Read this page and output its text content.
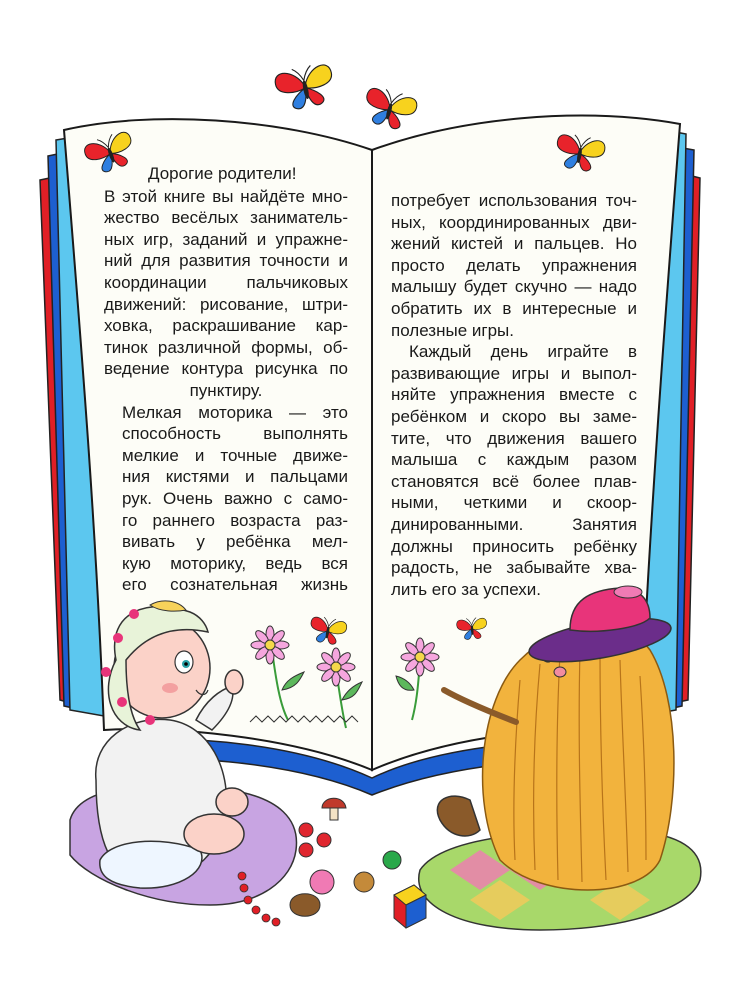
Дорогие родители!

В этой книге вы найдёте мно-
жество весёлых заниматель-
ных игр, заданий и упражне-
ний для развития точности и
координации пальчиковых
движений: рисование, штри-
ховка, раскрашивание кар-
тинок различной формы, об-
ведение контура рисунка по
пунктиру.

Мелкая моторика — это
способность выполнять
мелкие и точные движе-
ния кистями и пальцами
рук. Очень важно с само-
го раннего возраста раз-
вивать у ребёнка мел-
кую моторику, ведь вся
его сознательная жизнь

потребует использования точ-
ных, координированных дви-
жений кистей и пальцев. Но
просто делать упражнения
малышу будет скучно — надо
обратить их в интересные и
полезные игры.

Каждый день играйте в
развивающие игры и выпол-
няйте упражнения вместе с
ребёнком и скоро вы заме-
тите, что движения вашего
малыша с каждым разом
становятся всё более плав-
ными, четкими и скоор-
динированными. Занятия
должны приносить ребёнку
радость, не забывайте хва-
лить его за успехи.
